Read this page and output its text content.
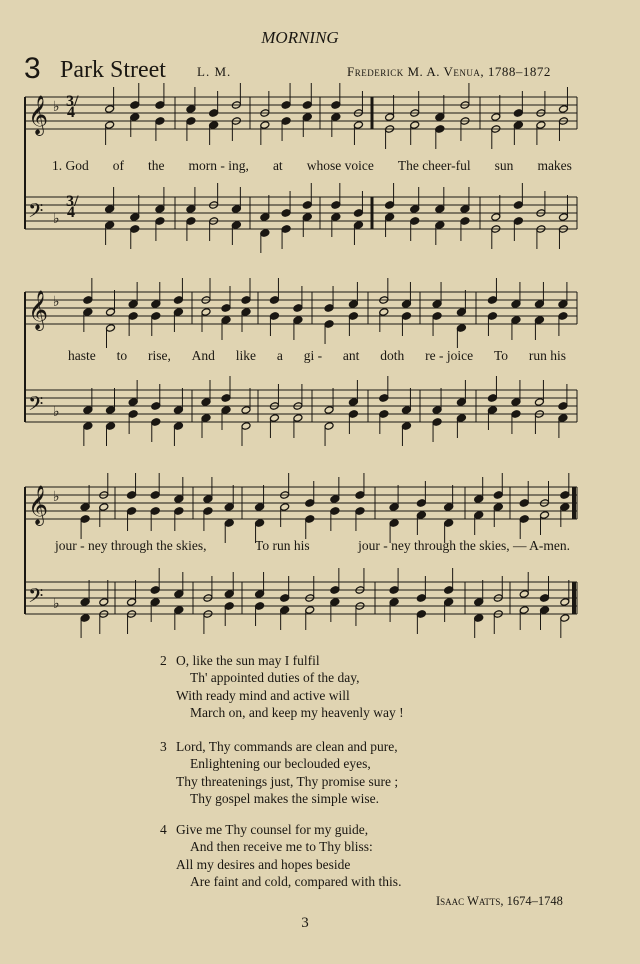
MORNING
3 Park Street L. M.	Frederick M. A. Venua, 1788–1872
𝄞 ♭
𝄢 ♭
𝄞 ♭
𝄢 ♭
𝄞 ♭
𝄢 ♭
3/4
3/4
1. God of the morn - ing, at whose voice The cheer-ful sun makes
haste to rise, And like a gi - ant doth re - joice To run his
jour - ney through the skies,	To run his	jour - ney through the skies, — A-men.
2 O, like the sun may I fulfil
Th' appointed duties of the day,
With ready mind and active will
March on, and keep my heavenly way !
3 Lord, Thy commands are clean and pure,
Enlightening our beclouded eyes,
Thy threatenings just, Thy promise sure ;
Thy gospel makes the simple wise.
4 Give me Thy counsel for my guide,
And then receive me to Thy bliss:
All my desires and hopes beside
Are faint and cold, compared with this.
Isaac Watts, 1674–1748
3
